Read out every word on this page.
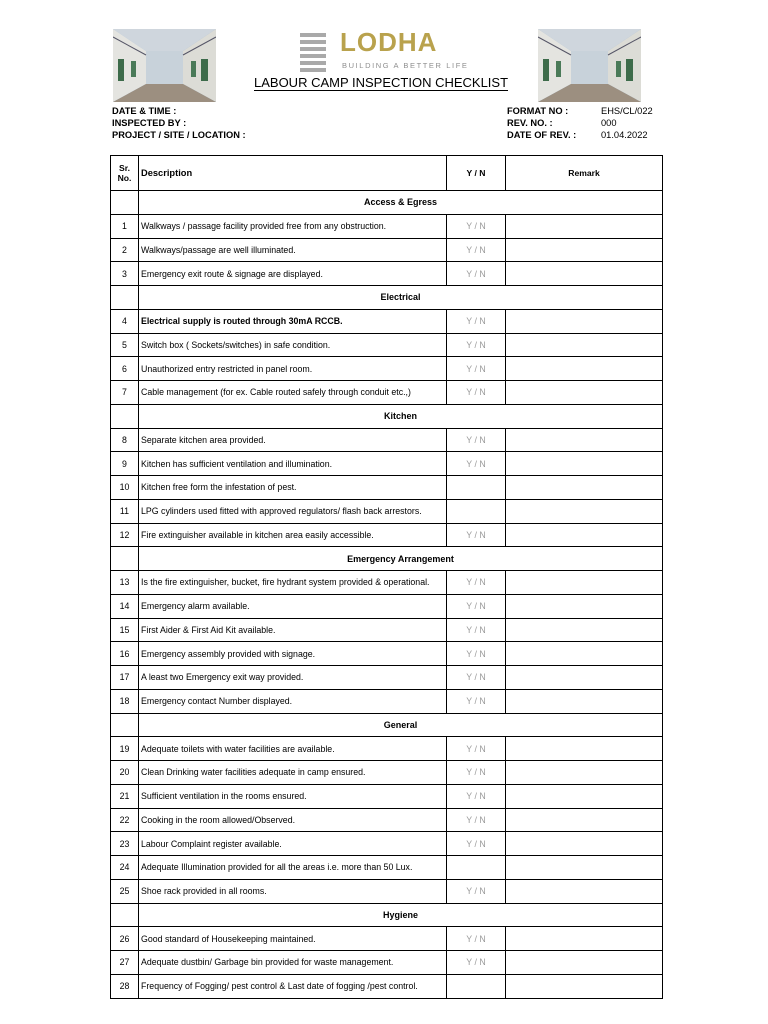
LODHA
BUILDING A BETTER LIFE
LABOUR CAMP INSPECTION CHECKLIST
DATE & TIME :
INSPECTED BY :
PROJECT / SITE / LOCATION :
FORMAT NO :	EHS/CL/022
REV. NO. :	000
DATE OF REV. :	01.04.2022
Sr.
No.	Description	Y / N	Remark
	Access & Egress		
1	Walkways / passage facility provided free from any obstruction.	Y / N	
2	Walkways/passage are well illuminated.	Y / N	
3	Emergency exit route & signage are displayed.	Y / N	
	Electrical		
4	Electrical supply is routed through 30mA RCCB.	Y / N	
5	Switch box ( Sockets/switches) in safe condition.	Y / N	
6	Unauthorized entry restricted in panel room.	Y / N	
7	Cable management (for ex. Cable routed safely through conduit etc.,)	Y / N	
	Kitchen		
8	Separate kitchen area provided.	Y / N	
9	Kitchen has sufficient ventilation and illumination.	Y / N	
10	Kitchen free form the infestation of pest.		
11	LPG cylinders used fitted with approved regulators/ flash back arrestors.		
12	Fire extinguisher available in kitchen area easily accessible.	Y / N	
	Emergency Arrangement		
13	Is the fire extinguisher, bucket, fire hydrant system provided & operational.	Y / N	
14	Emergency alarm available.	Y / N	
15	First Aider & First Aid Kit available.	Y / N	
16	Emergency assembly provided with signage.	Y / N	
17	A least two Emergency exit way provided.	Y / N	
18	Emergency contact Number displayed.	Y / N	
	General		
19	Adequate toilets with water facilities are available.	Y / N	
20	Clean Drinking water facilities adequate in camp ensured.	Y / N	
21	Sufficient ventilation in the rooms ensured.	Y / N	
22	Cooking in the room allowed/Observed.	Y / N	
23	Labour Complaint register available.	Y / N	
24	Adequate Illumination provided for all the areas i.e. more than 50 Lux.		
25	Shoe rack provided in all rooms.	Y / N	
	Hygiene		
26	Good standard of Housekeeping maintained.	Y / N	
27	Adequate dustbin/ Garbage bin provided for waste management.	Y / N	
28	Frequency of Fogging/ pest control & Last date of fogging /pest control.		
